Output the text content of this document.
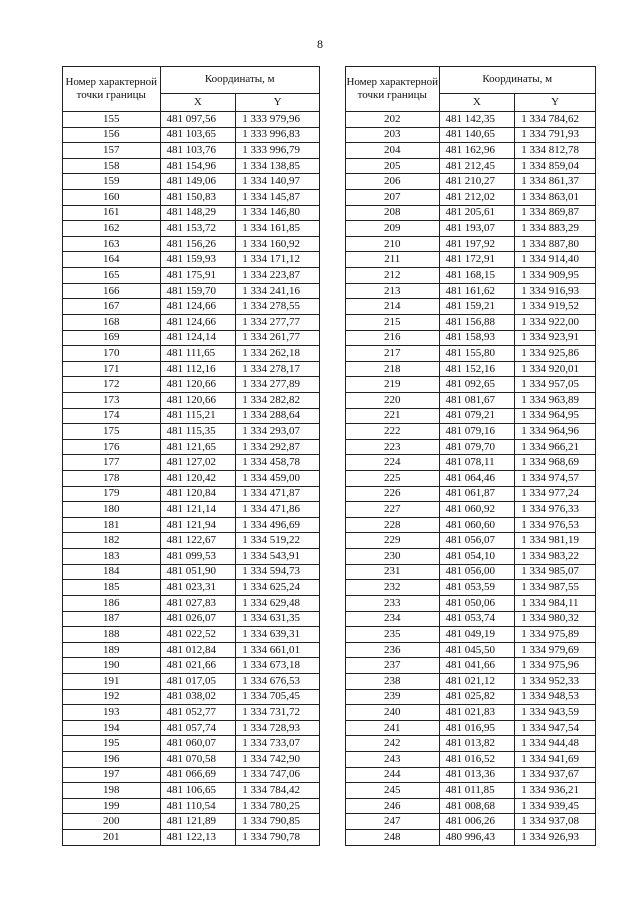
8
Номер характерной точки границы	Координаты, м	
	X	Y
155	481 097,56	1 333 979,96
156	481 103,65	1 333 996,83
157	481 103,76	1 333 996,79
158	481 154,96	1 334 138,85
159	481 149,06	1 334 140,97
160	481 150,83	1 334 145,87
161	481 148,29	1 334 146,80
162	481 153,72	1 334 161,85
163	481 156,26	1 334 160,92
164	481 159,93	1 334 171,12
165	481 175,91	1 334 223,87
166	481 159,70	1 334 241,16
167	481 124,66	1 334 278,55
168	481 124,66	1 334 277,77
169	481 124,14	1 334 261,77
170	481 111,65	1 334 262,18
171	481 112,16	1 334 278,17
172	481 120,66	1 334 277,89
173	481 120,66	1 334 282,82
174	481 115,21	1 334 288,64
175	481 115,35	1 334 293,07
176	481 121,65	1 334 292,87
177	481 127,02	1 334 458,78
178	481 120,42	1 334 459,00
179	481 120,84	1 334 471,87
180	481 121,14	1 334 471,86
181	481 121,94	1 334 496,69
182	481 122,67	1 334 519,22
183	481 099,53	1 334 543,91
184	481 051,90	1 334 594,73
185	481 023,31	1 334 625,24
186	481 027,83	1 334 629,48
187	481 026,07	1 334 631,35
188	481 022,52	1 334 639,31
189	481 012,84	1 334 661,01
190	481 021,66	1 334 673,18
191	481 017,05	1 334 676,53
192	481 038,02	1 334 705,45
193	481 052,77	1 334 731,72
194	481 057,74	1 334 728,93
195	481 060,07	1 334 733,07
196	481 070,58	1 334 742,90
197	481 066,69	1 334 747,06
198	481 106,65	1 334 784,42
199	481 110,54	1 334 780,25
200	481 121,89	1 334 790,85
201	481 122,13	1 334 790,78
Номер характерной точки границы	Координаты, м	
	X	Y
202	481 142,35	1 334 784,62
203	481 140,65	1 334 791,93
204	481 162,96	1 334 812,78
205	481 212,45	1 334 859,04
206	481 210,27	1 334 861,37
207	481 212,02	1 334 863,01
208	481 205,61	1 334 869,87
209	481 193,07	1 334 883,29
210	481 197,92	1 334 887,80
211	481 172,91	1 334 914,40
212	481 168,15	1 334 909,95
213	481 161,62	1 334 916,93
214	481 159,21	1 334 919,52
215	481 156,88	1 334 922,00
216	481 158,93	1 334 923,91
217	481 155,80	1 334 925,86
218	481 152,16	1 334 920,01
219	481 092,65	1 334 957,05
220	481 081,67	1 334 963,89
221	481 079,21	1 334 964,95
222	481 079,16	1 334 964,96
223	481 079,70	1 334 966,21
224	481 078,11	1 334 968,69
225	481 064,46	1 334 974,57
226	481 061,87	1 334 977,24
227	481 060,92	1 334 976,33
228	481 060,60	1 334 976,53
229	481 056,07	1 334 981,19
230	481 054,10	1 334 983,22
231	481 056,00	1 334 985,07
232	481 053,59	1 334 987,55
233	481 050,06	1 334 984,11
234	481 053,74	1 334 980,32
235	481 049,19	1 334 975,89
236	481 045,50	1 334 979,69
237	481 041,66	1 334 975,96
238	481 021,12	1 334 952,33
239	481 025,82	1 334 948,53
240	481 021,83	1 334 943,59
241	481 016,95	1 334 947,54
242	481 013,82	1 334 944,48
243	481 016,52	1 334 941,69
244	481 013,36	1 334 937,67
245	481 011,85	1 334 936,21
246	481 008,68	1 334 939,45
247	481 006,26	1 334 937,08
248	480 996,43	1 334 926,93
